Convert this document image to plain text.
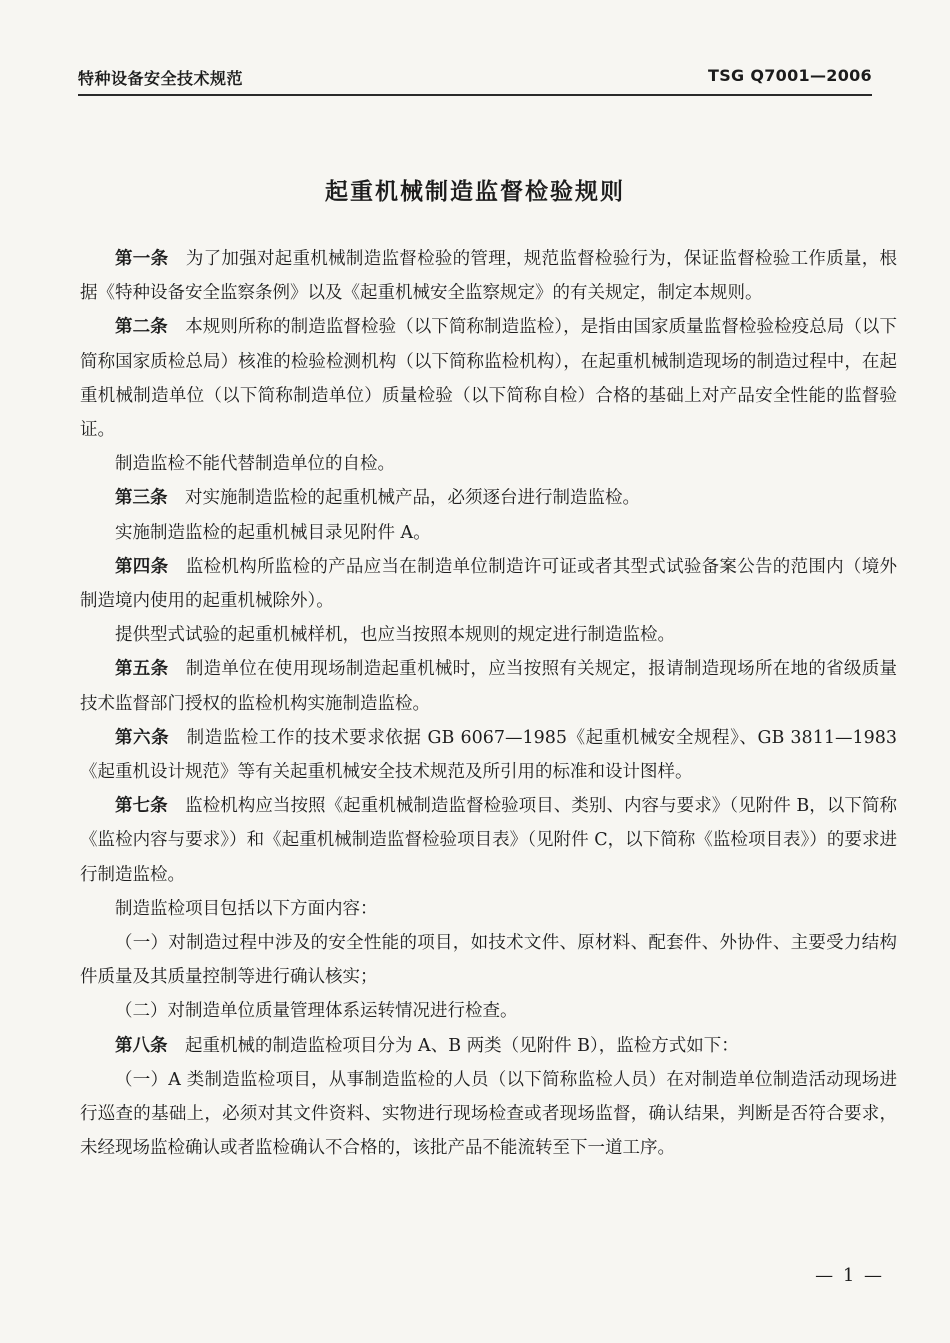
特种设备安全技术规范	TSG Q7001—2006
起重机械制造监督检验规则

第一条 为了加强对起重机械制造监督检验的管理，规范监督检验行为，保证监督检验工作质量，根据《特种设备安全监察条例》以及《起重机械安全监察规定》的有关规定，制定本规则。

第二条 本规则所称的制造监督检验（以下简称制造监检），是指由国家质量监督检验检疫总局（以下简称国家质检总局）核准的检验检测机构（以下简称监检机构），在起重机械制造现场的制造过程中，在起重机械制造单位（以下简称制造单位）质量检验（以下简称自检）合格的基础上对产品安全性能的监督验证。

制造监检不能代替制造单位的自检。

第三条 对实施制造监检的起重机械产品，必须逐台进行制造监检。

实施制造监检的起重机械目录见附件 A。

第四条 监检机构所监检的产品应当在制造单位制造许可证或者其型式试验备案公告的范围内（境外制造境内使用的起重机械除外）。

提供型式试验的起重机械样机，也应当按照本规则的规定进行制造监检。

第五条 制造单位在使用现场制造起重机械时，应当按照有关规定，报请制造现场所在地的省级质量技术监督部门授权的监检机构实施制造监检。

第六条 制造监检工作的技术要求依据 GB 6067—1985《起重机械安全规程》、GB 3811—1983《起重机设计规范》等有关起重机械安全技术规范及所引用的标准和设计图样。

第七条 监检机构应当按照《起重机械制造监督检验项目、类别、内容与要求》（见附件 B，以下简称《监检内容与要求》）和《起重机械制造监督检验项目表》（见附件 C，以下简称《监检项目表》）的要求进行制造监检。

制造监检项目包括以下方面内容：

（一）对制造过程中涉及的安全性能的项目，如技术文件、原材料、配套件、外协件、主要受力结构件质量及其质量控制等进行确认核实；

（二）对制造单位质量管理体系运转情况进行检查。

第八条 起重机械的制造监检项目分为 A、B 两类（见附件 B），监检方式如下：

（一）A 类制造监检项目，从事制造监检的人员（以下简称监检人员）在对制造单位制造活动现场进行巡查的基础上，必须对其文件资料、实物进行现场检查或者现场监督，确认结果，判断是否符合要求，未经现场监检确认或者监检确认不合格的，该批产品不能流转至下一道工序。

— 1 —
